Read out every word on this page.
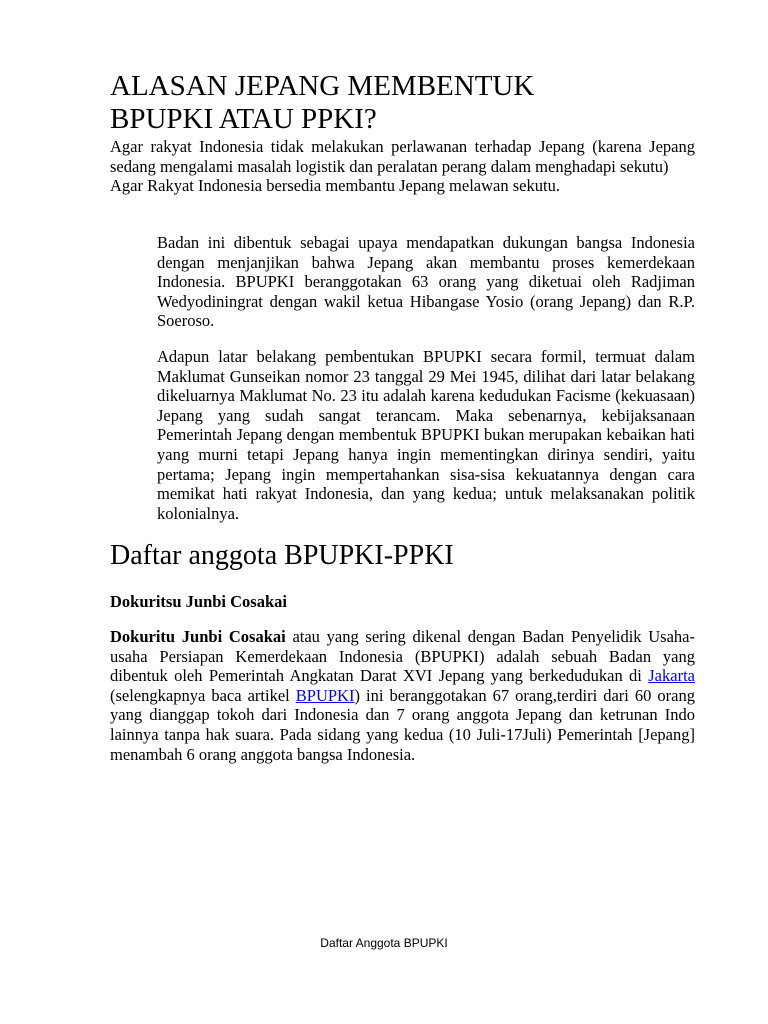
ALASAN JEPANG MEMBENTUK
BPUPKI ATAU PPKI?

Agar rakyat Indonesia tidak melakukan perlawanan terhadap Jepang (karena Jepang sedang mengalami masalah logistik dan peralatan perang dalam menghadapi sekutu)

Agar Rakyat Indonesia bersedia membantu Jepang melawan sekutu.

Badan ini dibentuk sebagai upaya mendapatkan dukungan bangsa Indonesia dengan menjanjikan bahwa Jepang akan membantu proses kemerdekaan Indonesia. BPUPKI beranggotakan 63 orang yang diketuai oleh Radjiman Wedyodiningrat dengan wakil ketua Hibangase Yosio (orang Jepang) dan R.P. Soeroso.

Adapun latar belakang pembentukan BPUPKI secara formil, termuat dalam Maklumat Gunseikan nomor 23 tanggal 29 Mei 1945, dilihat dari latar belakang dikeluarnya Maklumat No. 23 itu adalah karena kedudukan Facisme (kekuasaan) Jepang yang sudah sangat terancam. Maka sebenarnya, kebijaksanaan Pemerintah Jepang dengan membentuk BPUPKI bukan merupakan kebaikan hati yang murni tetapi Jepang hanya ingin mementingkan dirinya sendiri, yaitu pertama; Jepang ingin mempertahankan sisa-sisa kekuatannya dengan cara memikat hati rakyat Indonesia, dan yang kedua; untuk melaksanakan politik kolonialnya.

Daftar anggota BPUPKI-PPKI
Dokuritsu Junbi Cosakai

Dokuritu Junbi Cosakai atau yang sering dikenal dengan Badan Penyelidik Usaha-usaha Persiapan Kemerdekaan Indonesia (BPUPKI) adalah sebuah Badan yang dibentuk oleh Pemerintah Angkatan Darat XVI Jepang yang berkedudukan di Jakarta (selengkapnya baca artikel BPUPKI) ini beranggotakan 67 orang,terdiri dari 60 orang yang dianggap tokoh dari Indonesia dan 7 orang anggota Jepang dan ketrunan Indo lainnya tanpa hak suara. Pada sidang yang kedua (10 Juli-17Juli) Pemerintah [Jepang] menambah 6 orang anggota bangsa Indonesia.

Daftar Anggota BPUPKI
